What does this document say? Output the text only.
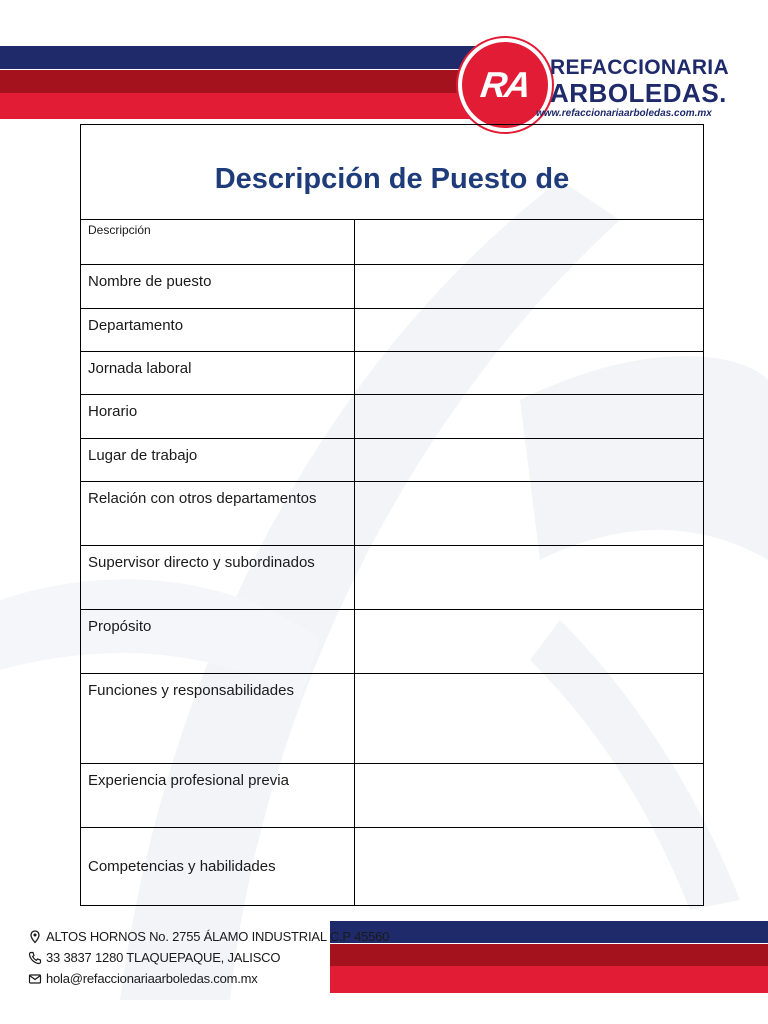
RA REFACCIONARIA
ARBOLEDAS.
www.refaccionariaarboledas.com.mx
Descripción de Puesto de
Descripción
Nombre de puesto
Departamento
Jornada laboral
Horario
Lugar de trabajo
Relación con otros departamentos
Supervisor directo y subordinados
Propósito
Funciones y responsabilidades
Experiencia profesional previa
Competencias y habilidades
ALTOS HORNOS No. 2755 ÁLAMO INDUSTRIAL C.P 45560
33 3837 1280 TLAQUEPAQUE, JALISCO
hola@refaccionariaarboledas.com.mx
